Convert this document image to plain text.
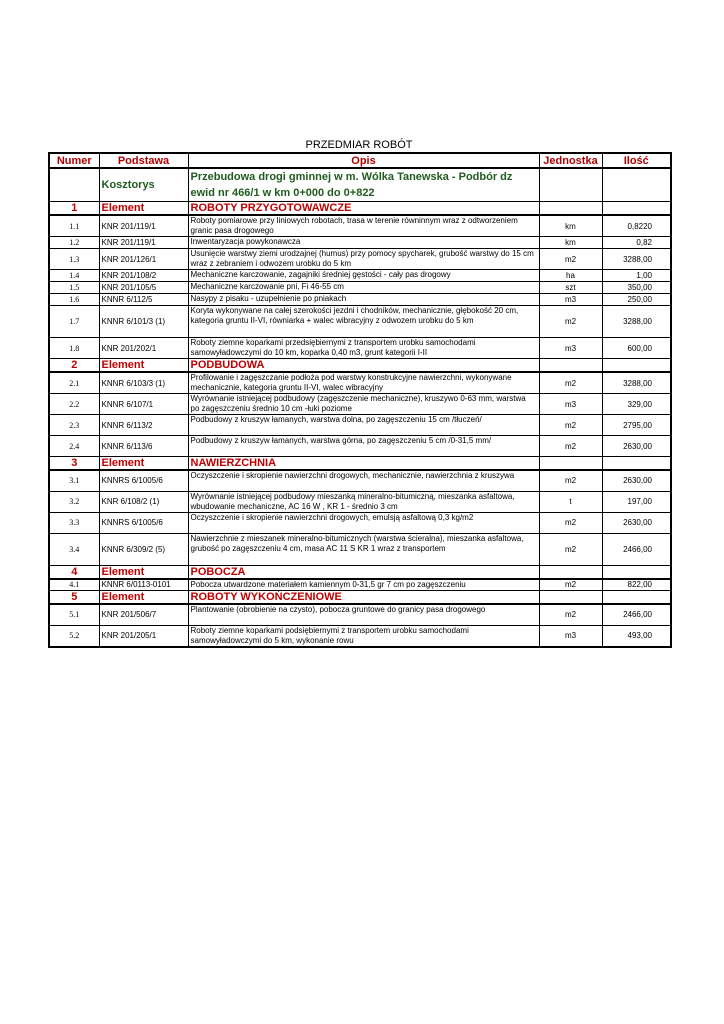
PRZEDMIAR ROBÓT
Numer	Podstawa	Opis	Jednostka	Ilość
	Kosztorys	Przebudowa drogi gminnej w m. Wólka Tanewska - Podbór dz ewid nr 466/1 w km 0+000 do 0+822		
1	Element	ROBOTY PRZYGOTOWAWCZE		
1.1	KNR 201/119/1	Roboty pomiarowe przy liniowych robotach, trasa w terenie równinnym wraz z odtworzeniem granic pasa drogowego	km	0,8220
1.2	KNR 201/119/1	Inwentaryzacja powykonawcza	km	0,82
1.3	KNR 201/126/1	Usunięcie warstwy ziemi urodzajnej (humus) przy pomocy spycharek, grubość warstwy do 15 cm wraz z zebraniem i odwozem urobku do 5 km	m2	3288,00
1.4	KNR 201/108/2	Mechaniczne karczowanie, zagajniki średniej gęstości - cały pas drogowy	ha	1,00
1.5	KNR 201/105/5	Mechaniczne karczowanie pni, Fi 46-55 cm	szt	350,00
1.6	KNNR 6/112/5	Nasypy z pisaku - uzupełnienie po pniakach	m3	250,00
1.7	KNNR 6/101/3 (1)	Koryta wykonywane na całej szerokości jezdni i chodników, mechanicznie, głębokość 20 cm, kategoria gruntu II-VI, równiarka + walec wibracyjny z odwozem urobku do 5 km	m2	3288,00
1.8	KNR 201/202/1	Roboty ziemne koparkami przedsiębiernymi z transportem urobku samochodami samowyładowczymi do 10 km, koparka 0,40 m3, grunt kategorii I-II	m3	600,00
2	Element	PODBUDOWA		
2.1	KNNR 6/103/3 (1)	Profilowanie i zagęszczanie podłoża pod warstwy konstrukcyjne nawierzchni, wykonywane mechanicznie, kategoria gruntu II-VI, walec wibracyjny	m2	3288,00
2.2	KNNR 6/107/1	Wyrównanie istniejącej podbudowy (zagęszczenie mechaniczne), kruszywo 0-63 mm, warstwa po zagęszczeniu średnio 10 cm -łuki poziome	m3	329,00
2.3	KNNR 6/113/2	Podbudowy z kruszyw łamanych, warstwa dolna, po zagęszczeniu 15 cm /tłuczeń/	m2	2795,00
2.4	KNNR 6/113/6	Podbudowy z kruszyw łamanych, warstwa górna, po zagęszczeniu 5 cm /0-31,5 mm/	m2	2630,00
3	Element	NAWIERZCHNIA		
3.1	KNNRS 6/1005/6	Oczyszczenie i skropienie nawierzchni drogowych, mechanicznie, nawierzchnia z kruszywa	m2	2630,00
3.2	KNR 6/108/2 (1)	Wyrównanie istniejącej podbudowy mieszanką mineralno-bitumiczną, mieszanka asfaltowa, wbudowanie mechaniczne, AC 16 W , KR 1 - średnio 3 cm	t	197,00
3.3	KNNRS 6/1005/6	Oczyszczenie i skropienie nawierzchni drogowych, emulsją asfaltową 0,3 kg/m2	m2	2630,00
3.4	KNNR 6/309/2 (5)	Nawierzchnie z mieszanek mineralno-bitumicznych (warstwa ścieralna), mieszanka asfaltowa, grubość po zagęszczeniu 4 cm, masa AC 11 S KR 1 wraz z transportem	m2	2466,00
4	Element	POBOCZA		
4.1	KNNR 6/0113-0101	Pobocza utwardzone materiałem kamiennym 0-31,5 gr 7 cm po zagęszczeniu	m2	822,00
5	Element	ROBOTY WYKOŃCZENIOWE		
5.1	KNR 201/506/7	Plantowanie (obrobienie na czysto), pobocza gruntowe do granicy pasa drogowego	m2	2466,00
5.2	KNR 201/205/1	Roboty ziemne koparkami podsiębiernymi z transportem urobku samochodami samowyładowczymi do 5 km, wykonanie rowu	m3	493,00
